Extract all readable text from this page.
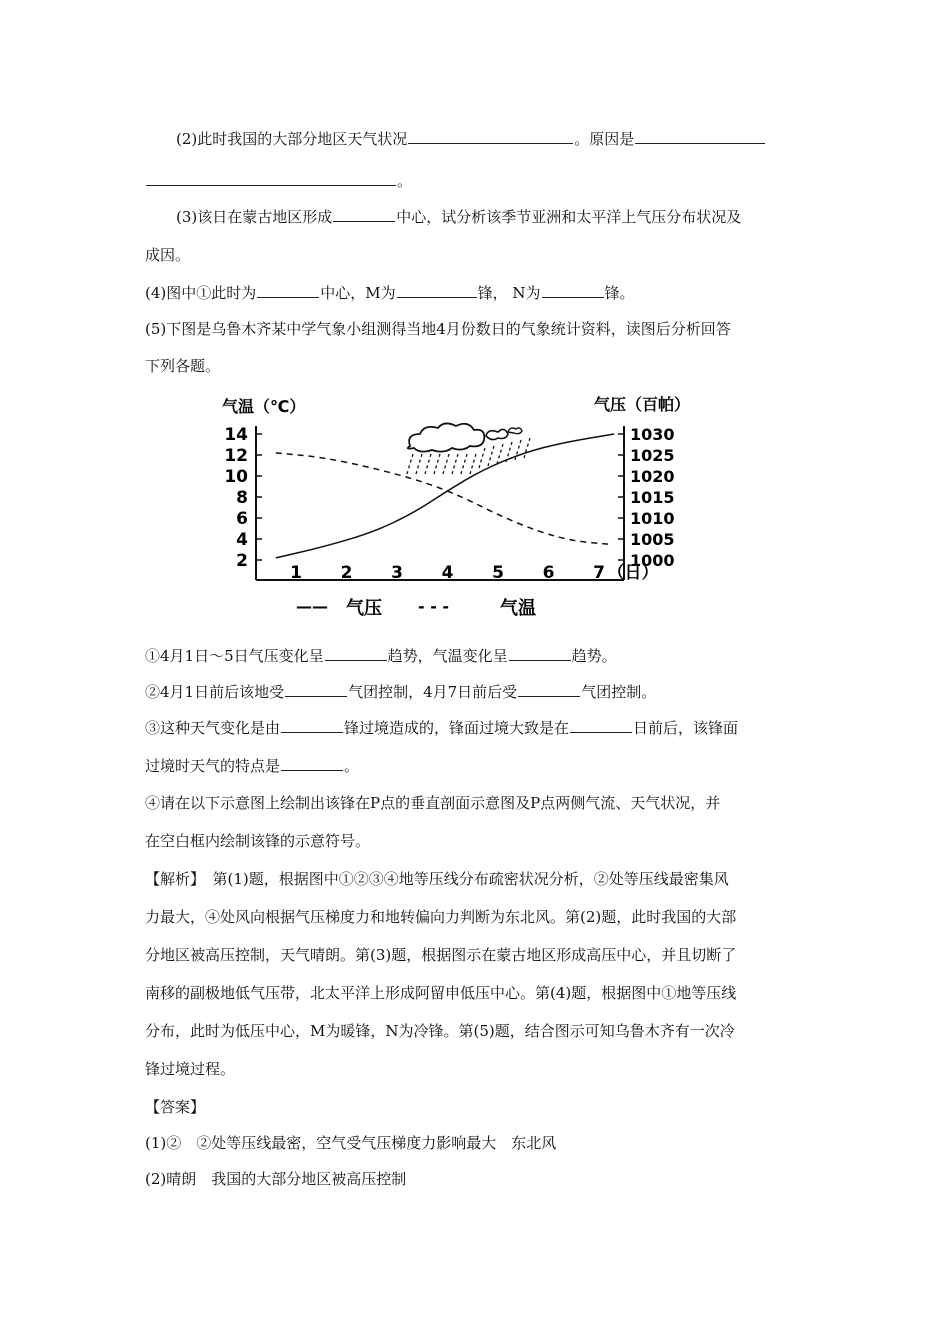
(2)此时我国的大部分地区天气状况	。原因是
。
(3)该日在蒙古地区形成	中心，试分析该季节亚洲和太平洋上气压分布状况及
成因。
(4)图中①此时为	中心，M为	锋， N为	锋。
(5)下图是乌鲁木齐某中学气象小组测得当地4月份数日的气象统计资料，读图后分析回答
下列各题。
2
4
6
8
10
12
14
1000
1005
1010
1015
1020
1025
1030
1 2 3 4 5 6 7 （日）
气温（℃）	气压（百帕）
—— 气压 - - -	气温
①4月1日～5日气压变化呈	趋势，气温变化呈	趋势。
②4月1日前后该地受	气团控制，4月7日前后受	气团控制。
③这种天气变化是由	锋过境造成的，锋面过境大致是在	日前后，该锋面
过境时天气的特点是	。
④请在以下示意图上绘制出该锋在P点的垂直剖面示意图及P点两侧气流、天气状况，并
在空白框内绘制该锋的示意符号。
【解析】　第(1)题，根据图中①②③④地等压线分布疏密状况分析，②处等压线最密集风
力最大，④处风向根据气压梯度力和地转偏向力判断为东北风。第(2)题，此时我国的大部
分地区被高压控制，天气晴朗。第(3)题，根据图示在蒙古地区形成高压中心，并且切断了
南移的副极地低气压带，北太平洋上形成阿留申低压中心。第(4)题，根据图中①地等压线
分布，此时为低压中心，M为暖锋，N为冷锋。第(5)题，结合图示可知乌鲁木齐有一次冷
锋过境过程。
【答案】
(1)②　②处等压线最密，空气受气压梯度力影响最大　东北风
(2)晴朗　我国的大部分地区被高压控制
